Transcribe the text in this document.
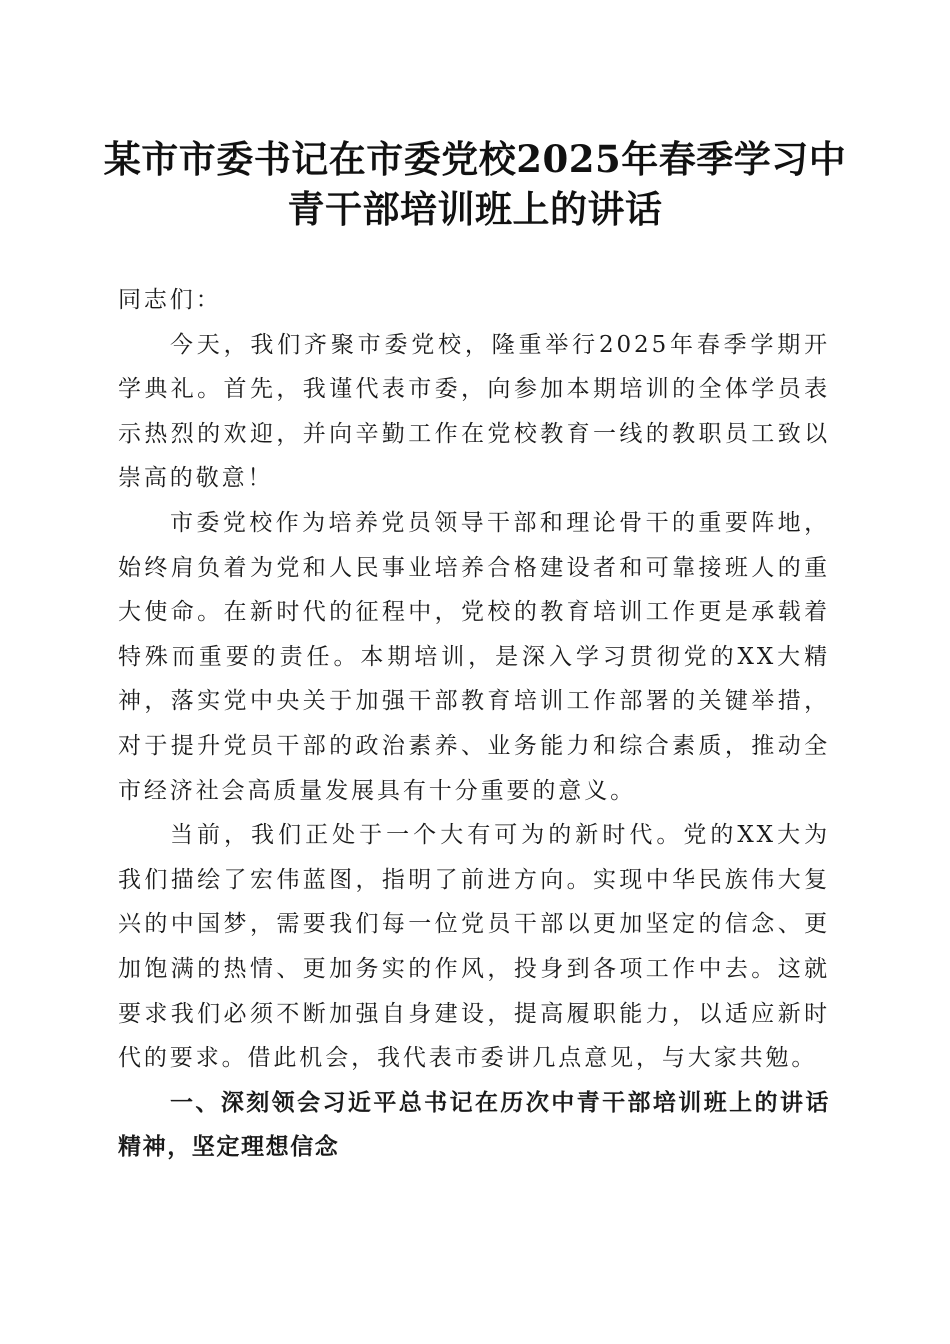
某市市委书记在市委党校2025年春季学习中
青干部培训班上的讲话

同志们：

今天，我们齐聚市委党校，隆重举行2025年春季学期开学典礼。首先，我谨代表市委，向参加本期培训的全体学员表示热烈的欢迎，并向辛勤工作在党校教育一线的教职员工致以崇高的敬意！

市委党校作为培养党员领导干部和理论骨干的重要阵地，始终肩负着为党和人民事业培养合格建设者和可靠接班人的重大使命。在新时代的征程中，党校的教育培训工作更是承载着特殊而重要的责任。本期培训，是深入学习贯彻党的XX大精神，落实党中央关于加强干部教育培训工作部署的关键举措，对于提升党员干部的政治素养、业务能力和综合素质，推动全市经济社会高质量发展具有十分重要的意义。

当前，我们正处于一个大有可为的新时代。党的XX大为我们描绘了宏伟蓝图，指明了前进方向。实现中华民族伟大复兴的中国梦，需要我们每一位党员干部以更加坚定的信念、更加饱满的热情、更加务实的作风，投身到各项工作中去。这就要求我们必须不断加强自身建设，提高履职能力，以适应新时代的要求。借此机会，我代表市委讲几点意见，与大家共勉。

一、深刻领会习近平总书记在历次中青干部培训班上的讲话精神，坚定理想信念
